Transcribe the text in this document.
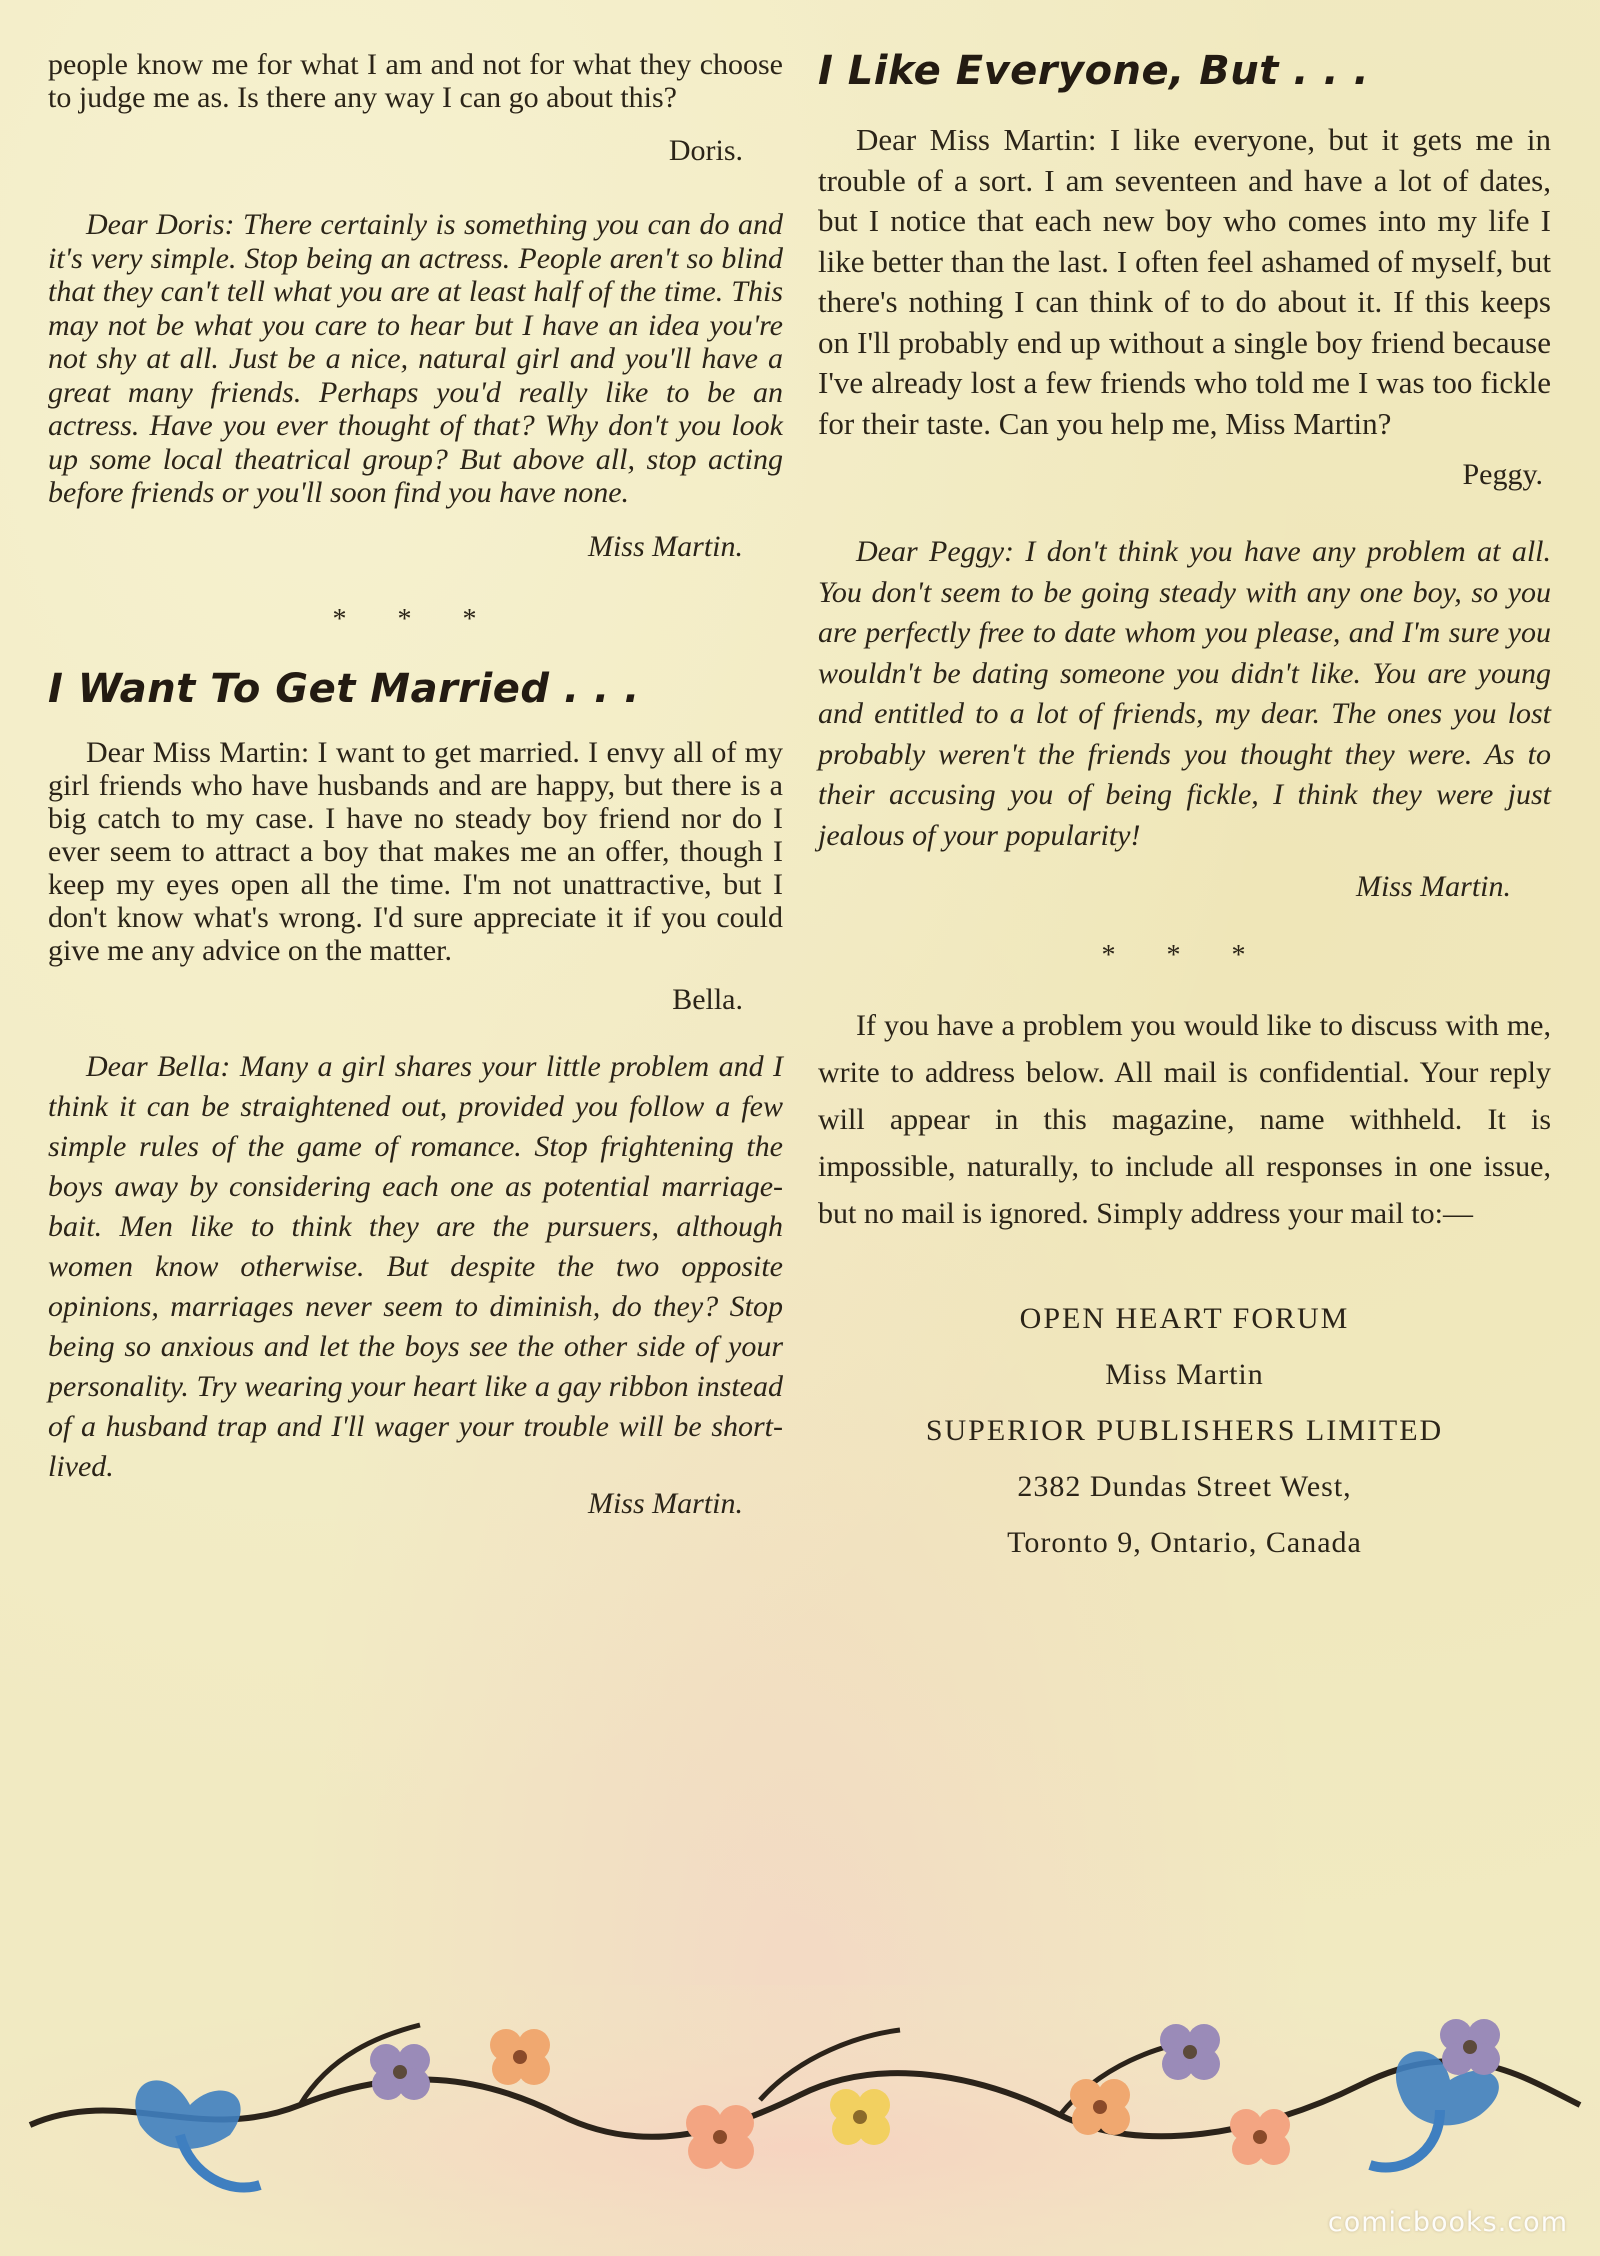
people know me for what I am and not for what they choose to judge me as. Is there any way I can go about this?

Doris.

Dear Doris: There certainly is something you can do and it's very simple. Stop being an actress. People aren't so blind that they can't tell what you are at least half of the time. This may not be what you care to hear but I have an idea you're not shy at all. Just be a nice, natural girl and you'll have a great many friends. Perhaps you'd really like to be an actress. Have you ever thought of that? Why don't you look up some local theatrical group? But above all, stop acting before friends or you'll soon find you have none.

Miss Martin.
* * *
I Want To Get Married . . .

Dear Miss Martin: I want to get married. I envy all of my girl friends who have husbands and are happy, but there is a big catch to my case. I have no steady boy friend nor do I ever seem to attract a boy that makes me an offer, though I keep my eyes open all the time. I'm not unattractive, but I don't know what's wrong. I'd sure appreciate it if you could give me any advice on the matter.

Bella.

Dear Bella: Many a girl shares your little problem and I think it can be straightened out, provided you follow a few simple rules of the game of romance. Stop frightening the boys away by considering each one as potential marriage-bait. Men like to think they are the pursuers, although women know otherwise. But despite the two opposite opinions, marriages never seem to diminish, do they? Stop being so anxious and let the boys see the other side of your personality. Try wearing your heart like a gay ribbon instead of a husband trap and I'll wager your trouble will be short-lived.

Miss Martin.
I Like Everyone, But . . .

Dear Miss Martin: I like everyone, but it gets me in trouble of a sort. I am seventeen and have a lot of dates, but I notice that each new boy who comes into my life I like better than the last. I often feel ashamed of myself, but there's nothing I can think of to do about it. If this keeps on I'll probably end up without a single boy friend because I've already lost a few friends who told me I was too fickle for their taste. Can you help me, Miss Martin?

Peggy.

Dear Peggy: I don't think you have any problem at all. You don't seem to be going steady with any one boy, so you are perfectly free to date whom you please, and I'm sure you wouldn't be dating someone you didn't like. You are young and entitled to a lot of friends, my dear. The ones you lost probably weren't the friends you thought they were. As to their accusing you of being fickle, I think they were just jealous of your popularity!

Miss Martin.
* * *

If you have a problem you would like to discuss with me, write to address below. All mail is confidential. Your reply will appear in this magazine, name withheld. It is impossible, naturally, to include all responses in one issue, but no mail is ignored. Simply address your mail to:—

OPEN HEART FORUM
Miss Martin
SUPERIOR PUBLISHERS LIMITED
2382 Dundas Street West,
Toronto 9, Ontario, Canada
comicbooks.com
